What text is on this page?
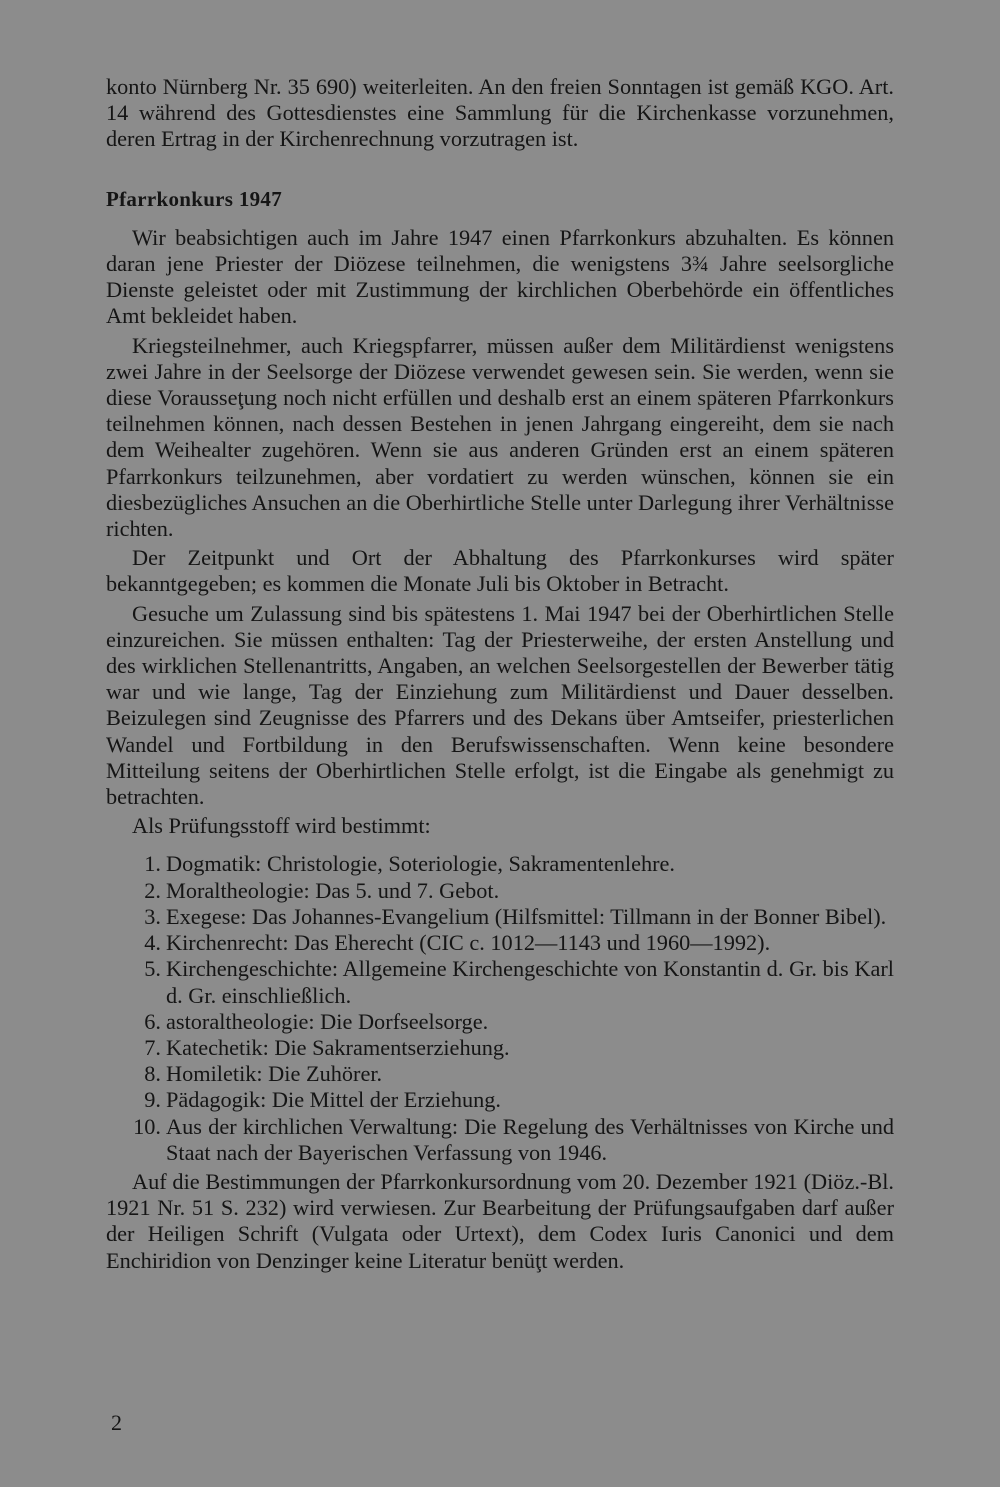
konto Nürnberg Nr. 35 690) weiterleiten. An den freien Sonntagen ist gemäß KGO. Art. 14 während des Gottesdienstes eine Sammlung für die Kirchenkasse vorzunehmen, deren Ertrag in der Kirchenrechnung vorzutragen ist.

Pfarrkonkurs 1947

Wir beabsichtigen auch im Jahre 1947 einen Pfarrkonkurs abzuhalten. Es können daran jene Priester der Diözese teilnehmen, die wenigstens 3¾ Jahre seelsorgliche Dienste geleistet oder mit Zustimmung der kirchlichen Oberbehörde ein öffentliches Amt bekleidet haben.

Kriegsteilnehmer, auch Kriegspfarrer, müssen außer dem Militärdienst wenigstens zwei Jahre in der Seelsorge der Diözese verwendet gewesen sein. Sie werden, wenn sie diese Vorausseţung noch nicht erfüllen und deshalb erst an einem späteren Pfarrkonkurs teilnehmen können, nach dessen Bestehen in jenen Jahrgang eingereiht, dem sie nach dem Weihealter zugehören. Wenn sie aus anderen Gründen erst an einem späteren Pfarrkonkurs teilzunehmen, aber vordatiert zu werden wünschen, können sie ein diesbezügliches Ansuchen an die Oberhirtliche Stelle unter Darlegung ihrer Verhältnisse richten.

Der Zeitpunkt und Ort der Abhaltung des Pfarrkonkurses wird später bekanntgegeben; es kommen die Monate Juli bis Oktober in Betracht.

Gesuche um Zulassung sind bis spätestens 1. Mai 1947 bei der Oberhirtlichen Stelle einzureichen. Sie müssen enthalten: Tag der Priesterweihe, der ersten Anstellung und des wirklichen Stellenantritts, Angaben, an welchen Seelsorgestellen der Bewerber tätig war und wie lange, Tag der Einziehung zum Militärdienst und Dauer desselben. Beizulegen sind Zeugnisse des Pfarrers und des Dekans über Amtseifer, priesterlichen Wandel und Fortbildung in den Berufswissenschaften. Wenn keine besondere Mitteilung seitens der Oberhirtlichen Stelle erfolgt, ist die Eingabe als genehmigt zu betrachten.

Als Prüfungsstoff wird bestimmt:

1. Dogmatik: Christologie, Soteriologie, Sakramentenlehre.
2. Moraltheologie: Das 5. und 7. Gebot.
3. Exegese: Das Johannes-Evangelium (Hilfsmittel: Tillmann in der Bonner Bibel).
4. Kirchenrecht: Das Eherecht (CIC c. 1012—1143 und 1960—1992).
5. Kirchengeschichte: Allgemeine Kirchengeschichte von Konstantin d. Gr. bis Karl d. Gr. einschließlich.
6. astoraltheologie: Die Dorfseelsorge.
7. Katechetik: Die Sakramentserziehung.
8. Homiletik: Die Zuhörer.
9. Pädagogik: Die Mittel der Erziehung.
10. Aus der kirchlichen Verwaltung: Die Regelung des Verhältnisses von Kirche und Staat nach der Bayerischen Verfassung von 1946.

Auf die Bestimmungen der Pfarrkonkursordnung vom 20. Dezember 1921 (Diöz.-Bl. 1921 Nr. 51 S. 232) wird verwiesen. Zur Bearbeitung der Prüfungsaufgaben darf außer der Heiligen Schrift (Vulgata oder Urtext), dem Codex Iuris Canonici und dem Enchiridion von Denzinger keine Literatur benüţt werden.

2
